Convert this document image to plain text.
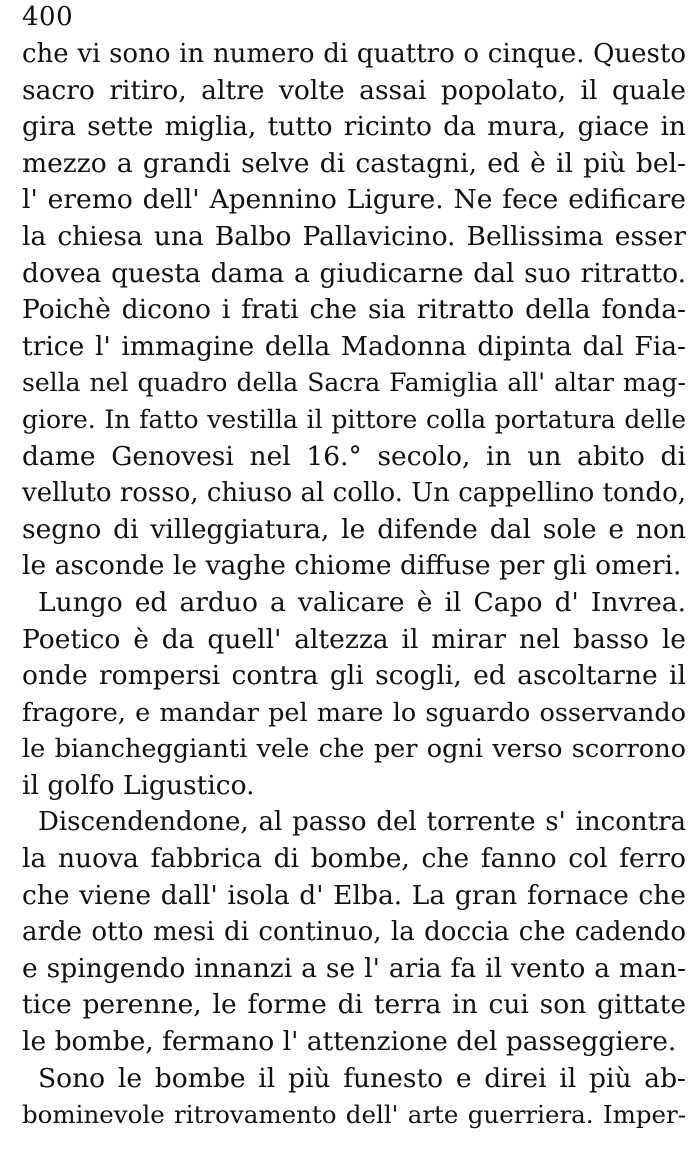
400
che vi sono in numero di quattro o cinque. Questo
sacro ritiro, altre volte assai popolato, il quale
gira sette miglia, tutto ricinto da mura, giace in
mezzo a grandi selve di castagni, ed è il più bel-
l' eremo dell' Apennino Ligure. Ne fece edificare
la chiesa una Balbo Pallavicino. Bellissima esser
dovea questa dama a giudicarne dal suo ritratto.
Poichè dicono i frati che sia ritratto della fonda-
trice l' immagine della Madonna dipinta dal Fia-
sella nel quadro della Sacra Famiglia all' altar mag-
giore. In fatto vestilla il pittore colla portatura delle
dame Genovesi nel 16.° secolo, in un abito di
velluto rosso, chiuso al collo. Un cappellino tondo,
segno di villeggiatura, le difende dal sole e non
le asconde le vaghe chiome diffuse per gli omeri.
Lungo ed arduo a valicare è il Capo d' Invrea.
Poetico è da quell' altezza il mirar nel basso le
onde rompersi contra gli scogli, ed ascoltarne il
fragore, e mandar pel mare lo sguardo osservando
le biancheggianti vele che per ogni verso scorrono
il golfo Ligustico.
Discendendone, al passo del torrente s' incontra
la nuova fabbrica di bombe, che fanno col ferro
che viene dall' isola d' Elba. La gran fornace che
arde otto mesi di continuo, la doccia che cadendo
e spingendo innanzi a se l' aria fa il vento a man-
tice perenne, le forme di terra in cui son gittate
le bombe, fermano l' attenzione del passeggiere.
Sono le bombe il più funesto e direi il più ab-
bominevole ritrovamento dell' arte guerriera. Imper-
